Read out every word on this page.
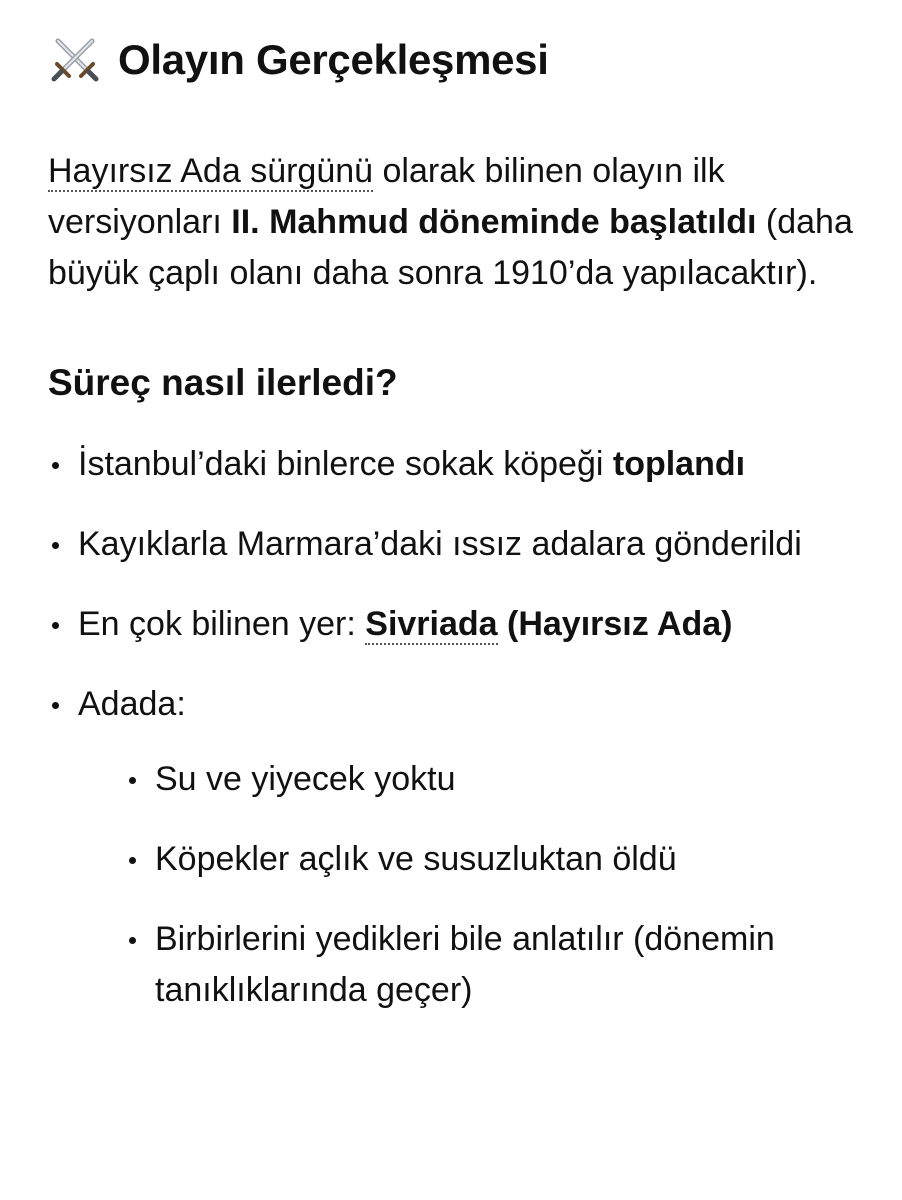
Olayın Gerçekleşmesi

Hayırsız Ada sürgünü olarak bilinen olayın ilk versiyonları II. Mahmud döneminde başlatıldı (daha büyük çaplı olanı daha sonra 1910’da yapılacaktır).

Süreç nasıl ilerledi?
İstanbul’daki binlerce sokak köpeği toplandı
Kayıklarla Marmara’daki ıssız adalara gönderildi
En çok bilinen yer: Sivriada (Hayırsız Ada)
Adada:
Su ve yiyecek yoktu
Köpekler açlık ve susuzluktan öldü
Birbirlerini yedikleri bile anlatılır (dönemin tanıklıklarında geçer)
